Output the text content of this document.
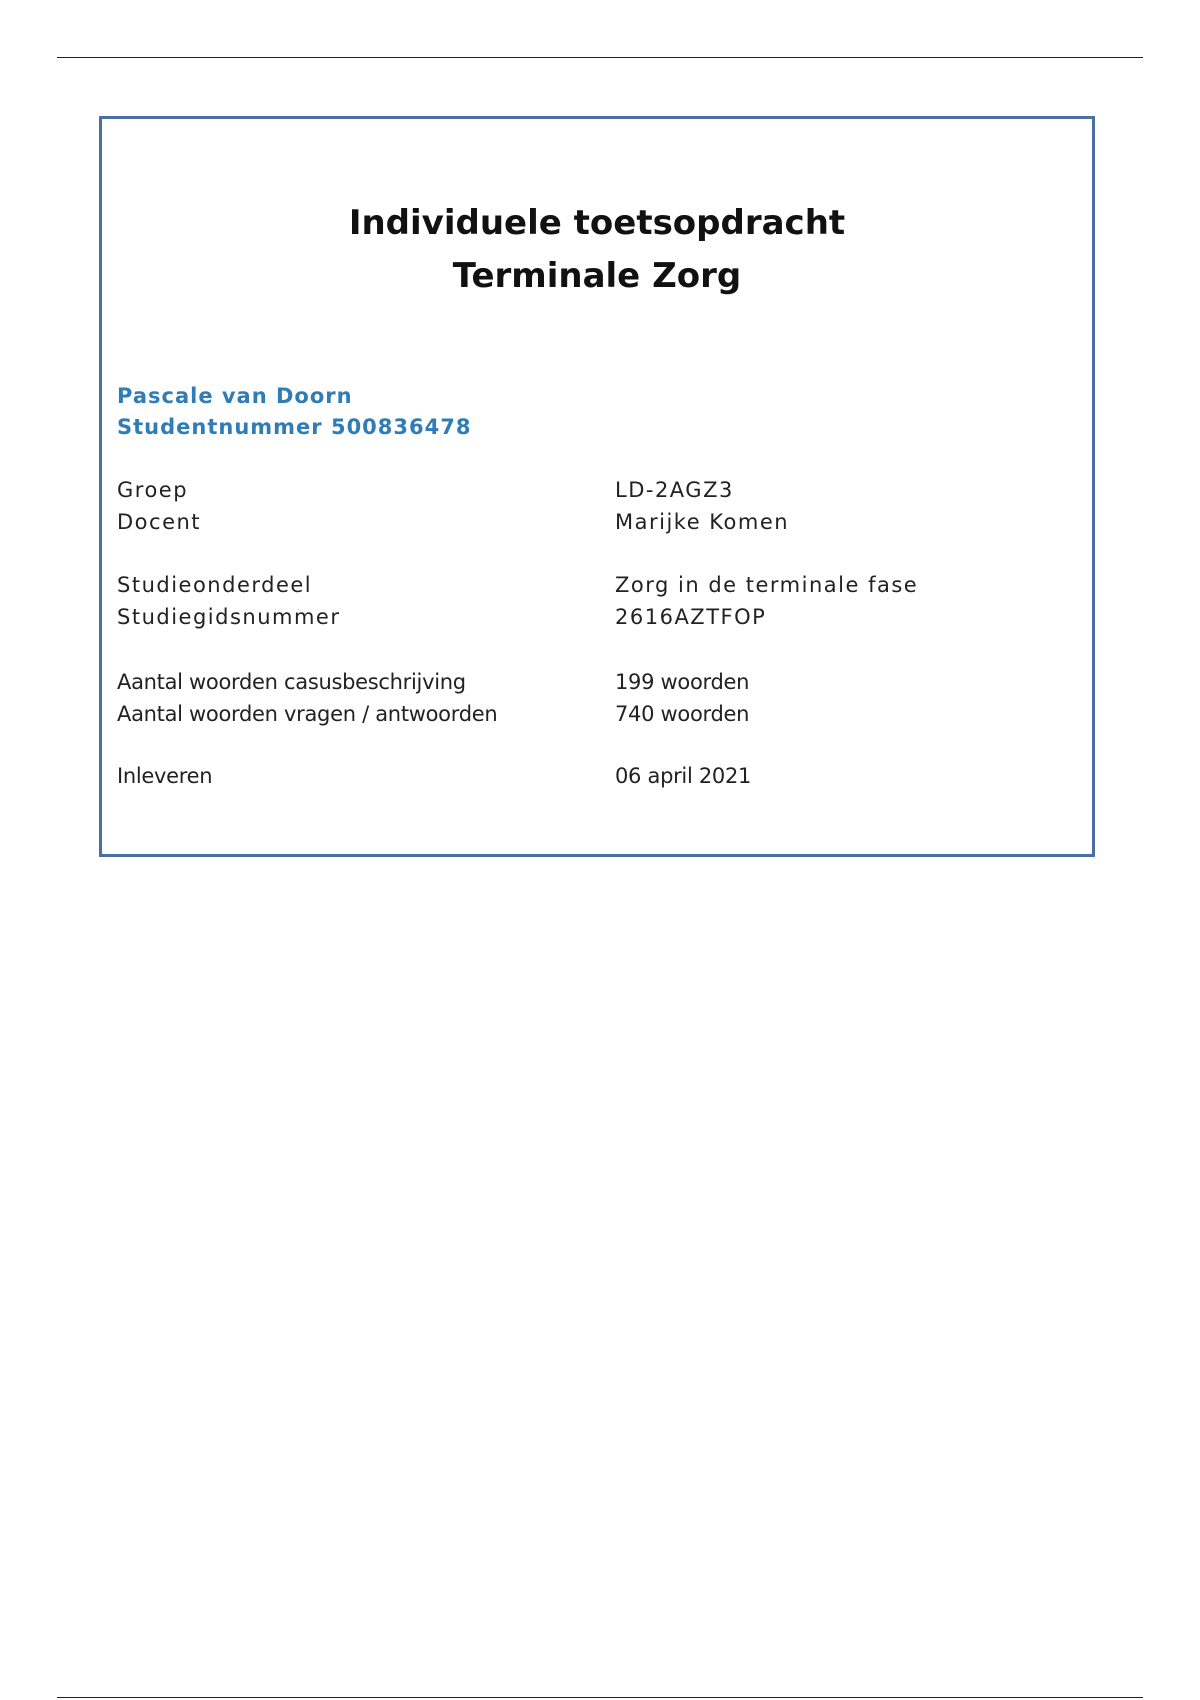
Individuele toetsopdracht
Terminale Zorg
Pascale van Doorn
Studentnummer 500836478
Groep	LD-2AGZ3
Docent	Marijke Komen
Studieonderdeel	Zorg in de terminale fase
Studiegidsnummer	2616AZTFOP
Aantal woorden casusbeschrijving	199 woorden
Aantal woorden vragen / antwoorden	740 woorden
Inleveren	06 april 2021
